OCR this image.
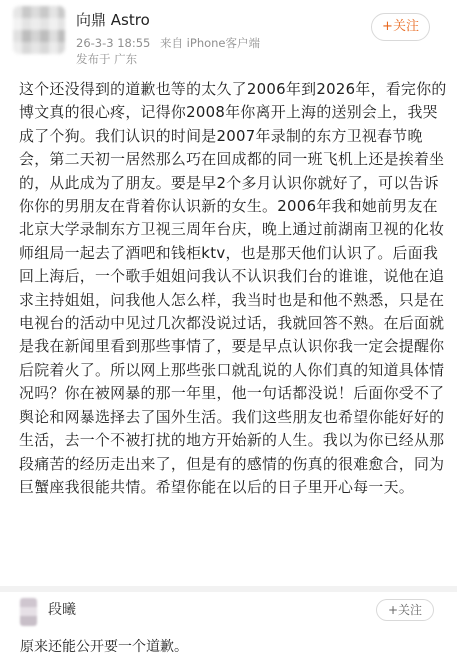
向鼎 Astro
26-3-3 18:55 来自 iPhone客户端
发布于 广东
+关注

这个还没得到的道歉也等的太久了2006年到2026年，看完你的博文真的很心疼，记得你2008年你离开上海的送别会上，我哭成了个狗。我们认识的时间是2007年录制的东方卫视春节晚会，第二天初一居然那么巧在回成都的同一班飞机上还是挨着坐的，从此成为了朋友。要是早2个多月认识你就好了，可以告诉你你的男朋友在背着你认识新的女生。2006年我和她前男友在北京大学录制东方卫视三周年台庆，晚上通过前湖南卫视的化妆师组局一起去了酒吧和钱柜ktv，也是那天他们认识了。后面我回上海后，一个歌手姐姐问我认不认识我们台的谁谁，说他在追求主持姐姐，问我他人怎么样，我当时也是和他不熟悉，只是在电视台的活动中见过几次都没说过话，我就回答不熟。在后面就是我在新闻里看到那些事情了，要是早点认识你我一定会提醒你后院着火了。所以网上那些张口就乱说的人你们真的知道具体情况吗？你在被网暴的那一年里，他一句话都没说！后面你受不了舆论和网暴选择去了国外生活。我们这些朋友也希望你能好好的生活，去一个不被打扰的地方开始新的人生。我以为你已经从那段痛苦的经历走出来了，但是有的感情的伤真的很难愈合，同为巨蟹座我很能共情。希望你能在以后的日子里开心每一天。

段曦	+关注
原来还能公开要一个道歉。
